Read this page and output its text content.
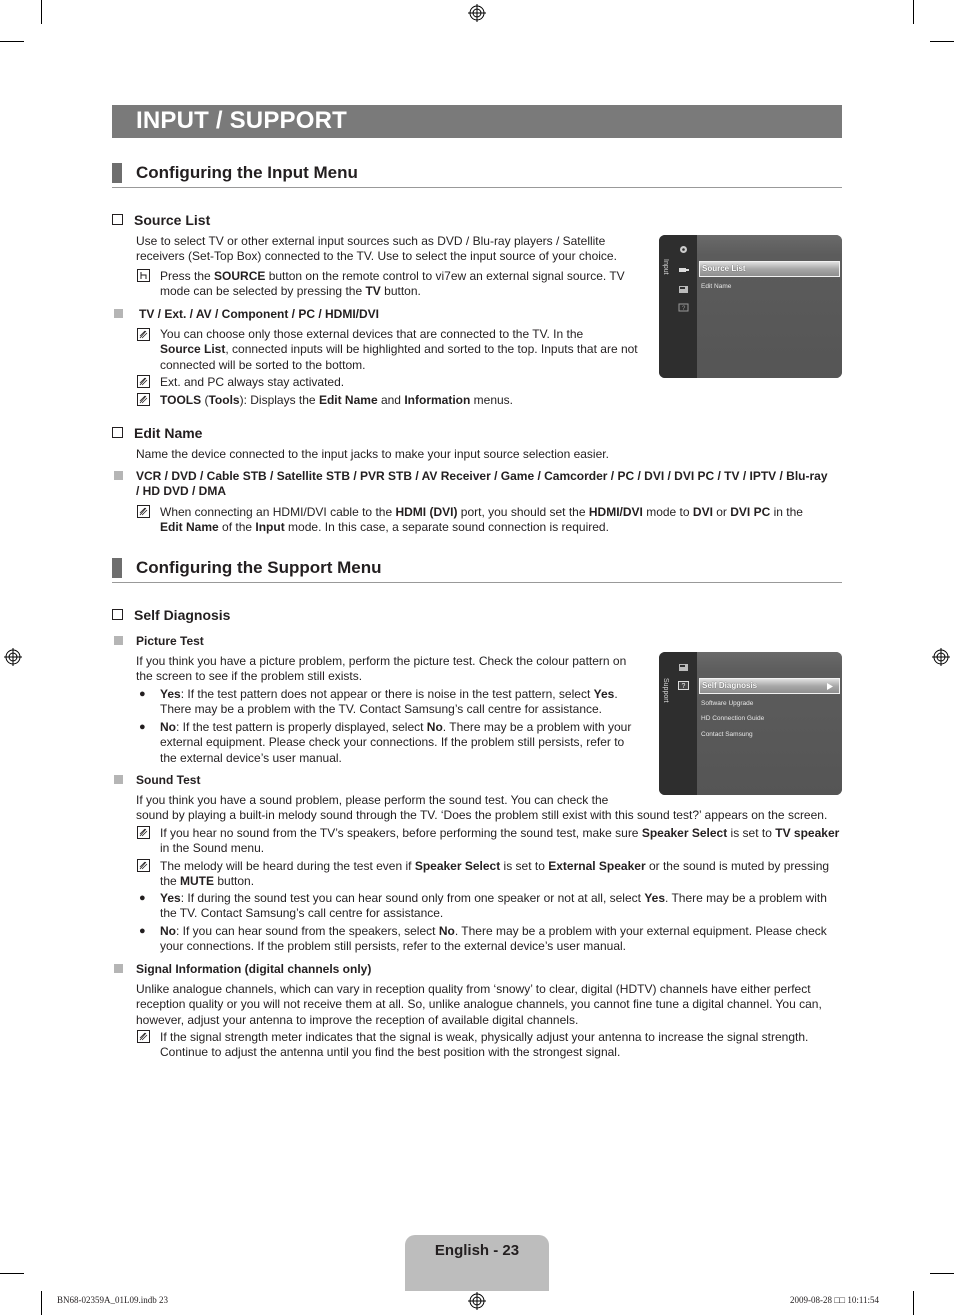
INPUT / SUPPORT
Configuring the Input Menu
Source List
Use to select TV or other external input sources such as DVD / Blu-ray players / Satellite
receivers (Set-Top Box) connected to the TV. Use to select the input source of your choice.
Press the SOURCE button on the remote control to vi7ew an external signal source. TV
mode can be selected by pressing the TV button.
TV / Ext. / AV / Component / PC / HDMI/DVI
You can choose only those external devices that are connected to the TV. In the
Source List, connected inputs will be highlighted and sorted to the top. Inputs that are not
connected will be sorted to the bottom.
Ext. and PC always stay activated.
TOOLS (Tools): Displays the Edit Name and Information menus.
Input
?
Source List
Edit Name
Edit Name
Name the device connected to the input jacks to make your input source selection easier.
VCR / DVD / Cable STB / Satellite STB / PVR STB / AV Receiver / Game / Camcorder / PC / DVI / DVI PC / TV / IPTV / Blu-ray
/ HD DVD / DMA
When connecting an HDMI/DVI cable to the HDMI (DVI) port, you should set the HDMI/DVI mode to DVI or DVI PC in the
Edit Name of the Input mode. In this case, a separate sound connection is required.
Configuring the Support Menu
Self Diagnosis
Picture Test
If you think you have a picture problem, perform the picture test. Check the colour pattern on
the screen to see if the problem still exists.
● Yes: If the test pattern does not appear or there is noise in the test pattern, select Yes.
There may be a problem with the TV. Contact Samsung’s call centre for assistance.
● No: If the test pattern is properly displayed, select No. There may be a problem with your
external equipment. Please check your connections. If the problem still persists, refer to
the external device’s user manual.
Support ? Self Diagnosis
Software Upgrade
HD Connection Guide
Contact Samsung
Sound Test
If you think you have a sound problem, please perform the sound test. You can check the
sound by playing a built-in melody sound through the TV. ‘Does the problem still exist with this sound test?’ appears on the screen.
If you hear no sound from the TV’s speakers, before performing the sound test, make sure Speaker Select is set to TV speaker
in the Sound menu.
The melody will be heard during the test even if Speaker Select is set to External Speaker or the sound is muted by pressing
the MUTE button.
● Yes: If during the sound test you can hear sound only from one speaker or not at all, select Yes. There may be a problem with
the TV. Contact Samsung’s call centre for assistance.
● No: If you can hear sound from the speakers, select No. There may be a problem with your external equipment. Please check
your connections. If the problem still persists, refer to the external device’s user manual.
Signal Information (digital channels only)
Unlike analogue channels, which can vary in reception quality from ‘snowy’ to clear, digital (HDTV) channels have either perfect
reception quality or you will not receive them at all. So, unlike analogue channels, you cannot fine tune a digital channel. You can,
however, adjust your antenna to improve the reception of available digital channels.
If the signal strength meter indicates that the signal is weak, physically adjust your antenna to increase the signal strength.
Continue to adjust the antenna until you find the best position with the strongest signal.
English - 23
BN68-02359A_01L09.indb 23	2009-08-28 □□ 10:11:54
